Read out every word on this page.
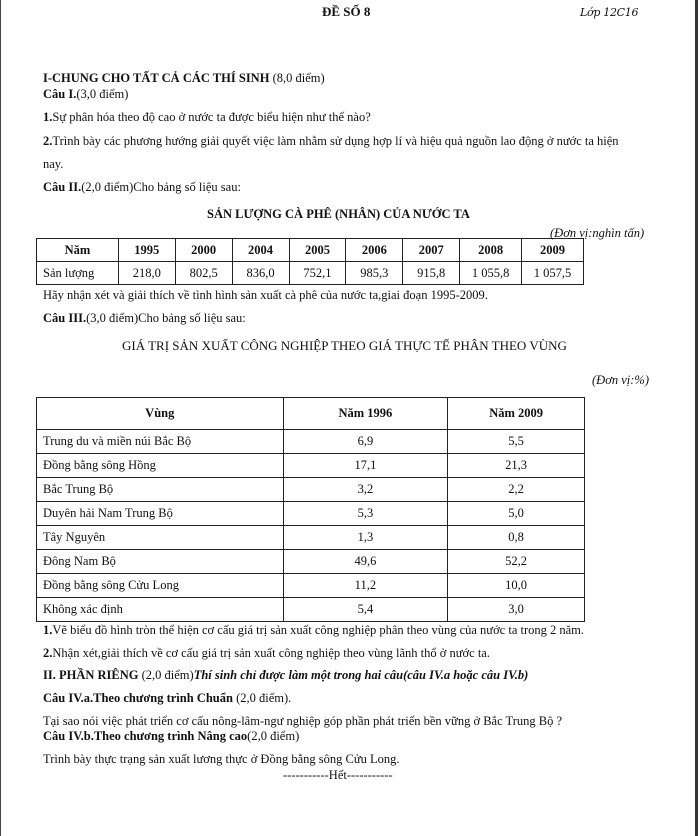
ĐỀ SỐ 8	Lớp 12C16
I-CHUNG CHO TẤT CẢ CÁC THÍ SINH (8,0 điểm)
Câu I.(3,0 điểm)
1.Sự phân hóa theo độ cao ở nước ta được biểu hiện như thế nào?
2.Trình bày các phương hướng giải quyết việc làm nhằm sử dụng hợp lí và hiệu quả nguồn lao động ở nước ta hiện
nay.
Câu II.(2,0 điểm)Cho bảng số liệu sau:
SẢN LƯỢNG CÀ PHÊ (NHÂN) CỦA NƯỚC TA
(Đơn vị:nghìn tấn)
Năm	1995	2000	2004	2005	2006	2007	2008	2009
Sản lượng	218,0	802,5	836,0	752,1	985,3	915,8	1 055,8	1 057,5
Hãy nhận xét và giải thích về tình hình sản xuất cà phê của nước ta,giai đoạn 1995-2009.
Câu III.(3,0 điểm)Cho bảng số liệu sau:
GIÁ TRỊ SẢN XUẤT CÔNG NGHIỆP THEO GIÁ THỰC TẾ PHÂN THEO VÙNG
(Đơn vị:%)
Vùng	Năm 1996	Năm 2009
Trung du và miền núi Bắc Bộ	6,9	5,5
Đồng bằng sông Hồng	17,1	21,3
Bắc Trung Bộ	3,2	2,2
Duyên hải Nam Trung Bộ	5,3	5,0
Tây Nguyên	1,3	0,8
Đông Nam Bộ	49,6	52,2
Đồng bằng sông Cửu Long	11,2	10,0
Không xác định	5,4	3,0
1.Vẽ biểu đồ hình tròn thể hiện cơ cấu giá trị sản xuất công nghiệp phân theo vùng của nước ta trong 2 năm.
2.Nhận xét,giải thích về cơ cấu giá trị sản xuất công nghiệp theo vùng lãnh thổ ở nước ta.
II. PHẦN RIÊNG (2,0 điểm)Thí sinh chỉ được làm một trong hai câu(câu IV.a hoặc câu IV.b)
Câu IV.a.Theo chương trình Chuẩn (2,0 điểm).
Tại sao nói việc phát triển cơ cấu nông-lâm-ngư nghiệp góp phần phát triển bền vững ở Bắc Trung Bộ ?
Câu IV.b.Theo chương trình Nâng cao(2,0 điểm)
Trình bày thực trạng sản xuất lương thực ở Đồng bằng sông Cửu Long.
-----------Hết-----------
